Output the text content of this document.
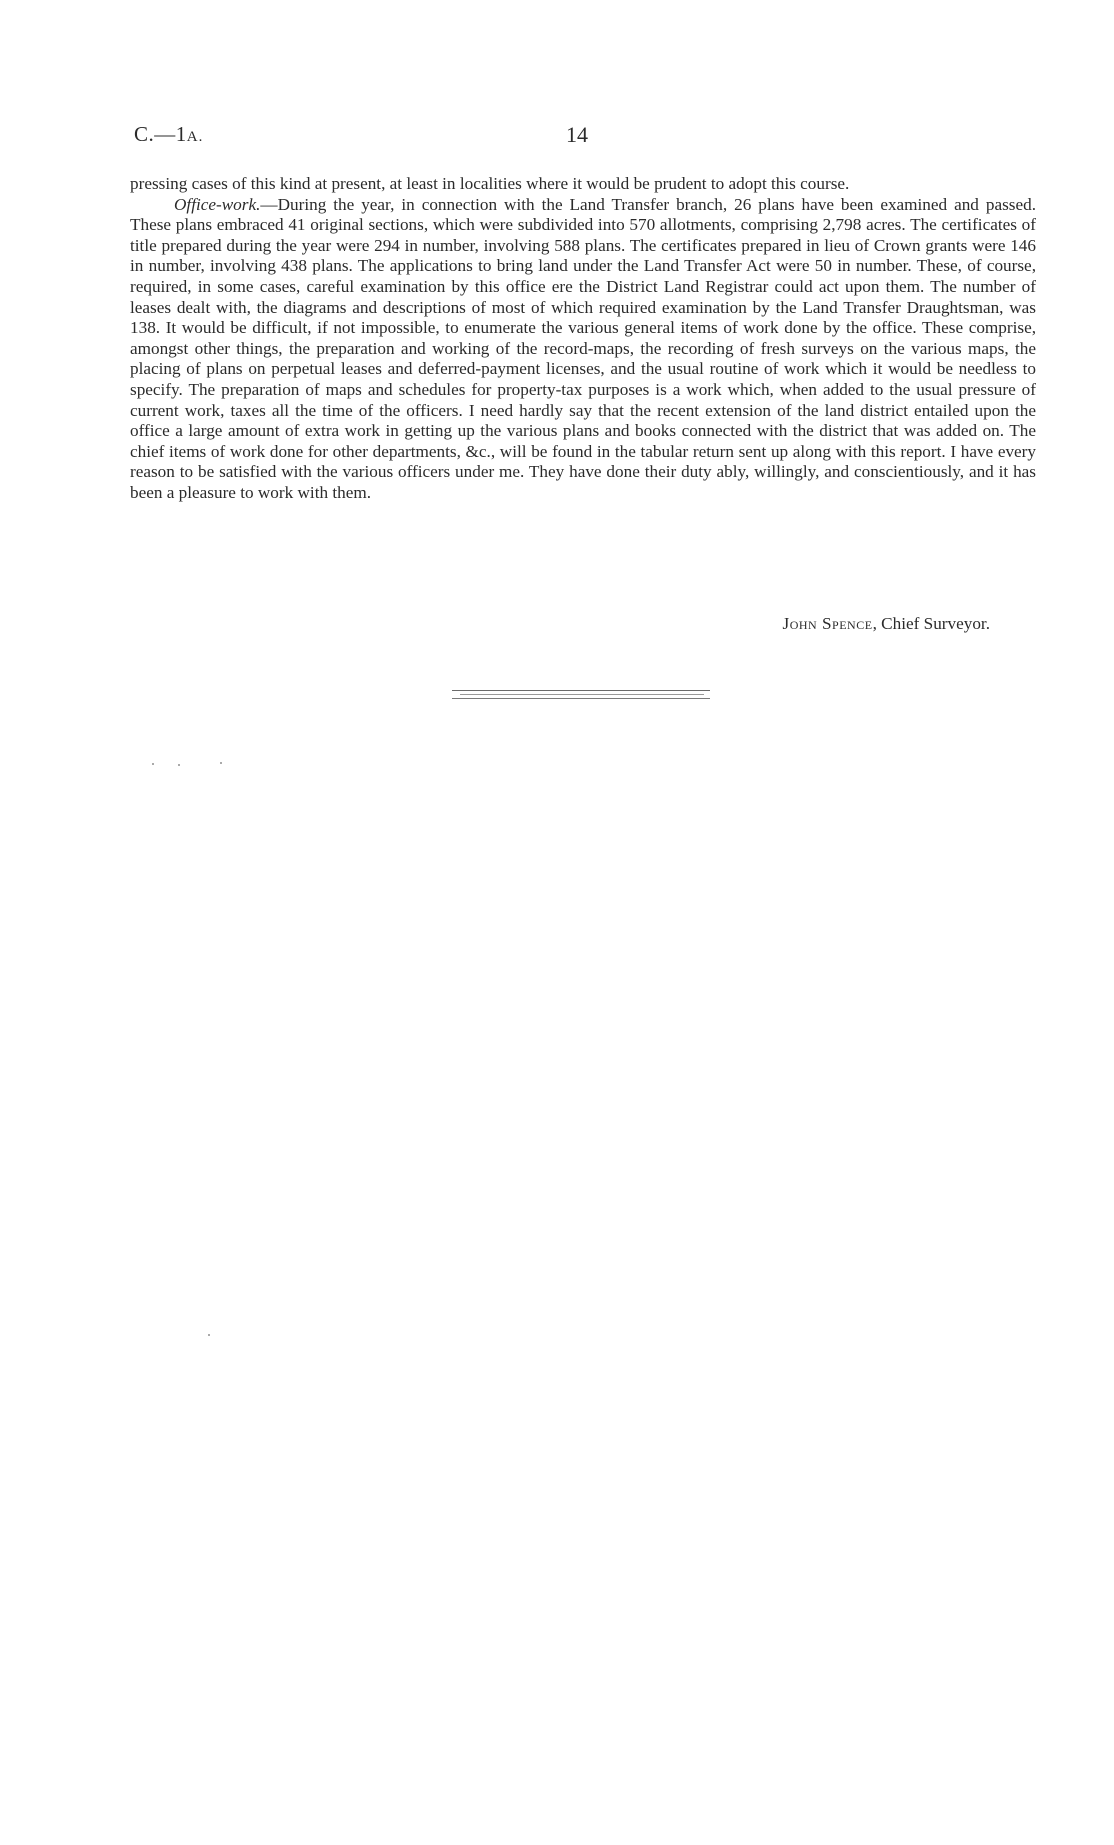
C.—1A.	14

pressing cases of this kind at present, at least in localities where it would be prudent to adopt this course.

Office-work.—During the year, in connection with the Land Transfer branch, 26 plans have been examined and passed. These plans embraced 41 original sections, which were subdivided into 570 allotments, comprising 2,798 acres. The certificates of title prepared during the year were 294 in number, involving 588 plans. The certificates prepared in lieu of Crown grants were 146 in number, involving 438 plans. The applications to bring land under the Land Transfer Act were 50 in number. These, of course, required, in some cases, careful examination by this office ere the District Land Registrar could act upon them. The number of leases dealt with, the diagrams and descriptions of most of which required examination by the Land Transfer Draughtsman, was 138. It would be difficult, if not impossible, to enumerate the various general items of work done by the office. These comprise, amongst other things, the preparation and working of the record-maps, the recording of fresh surveys on the various maps, the placing of plans on perpetual leases and deferred-payment licenses, and the usual routine of work which it would be needless to specify. The preparation of maps and schedules for property-tax purposes is a work which, when added to the usual pressure of current work, taxes all the time of the officers. I need hardly say that the recent extension of the land district entailed upon the office a large amount of extra work in getting up the various plans and books connected with the district that was added on. The chief items of work done for other departments, &c., will be found in the tabular return sent up along with this report. I have every reason to be satisfied with the various officers under me. They have done their duty ably, willingly, and conscientiously, and it has been a pleasure to work with them.

John Spence, Chief Surveyor.
